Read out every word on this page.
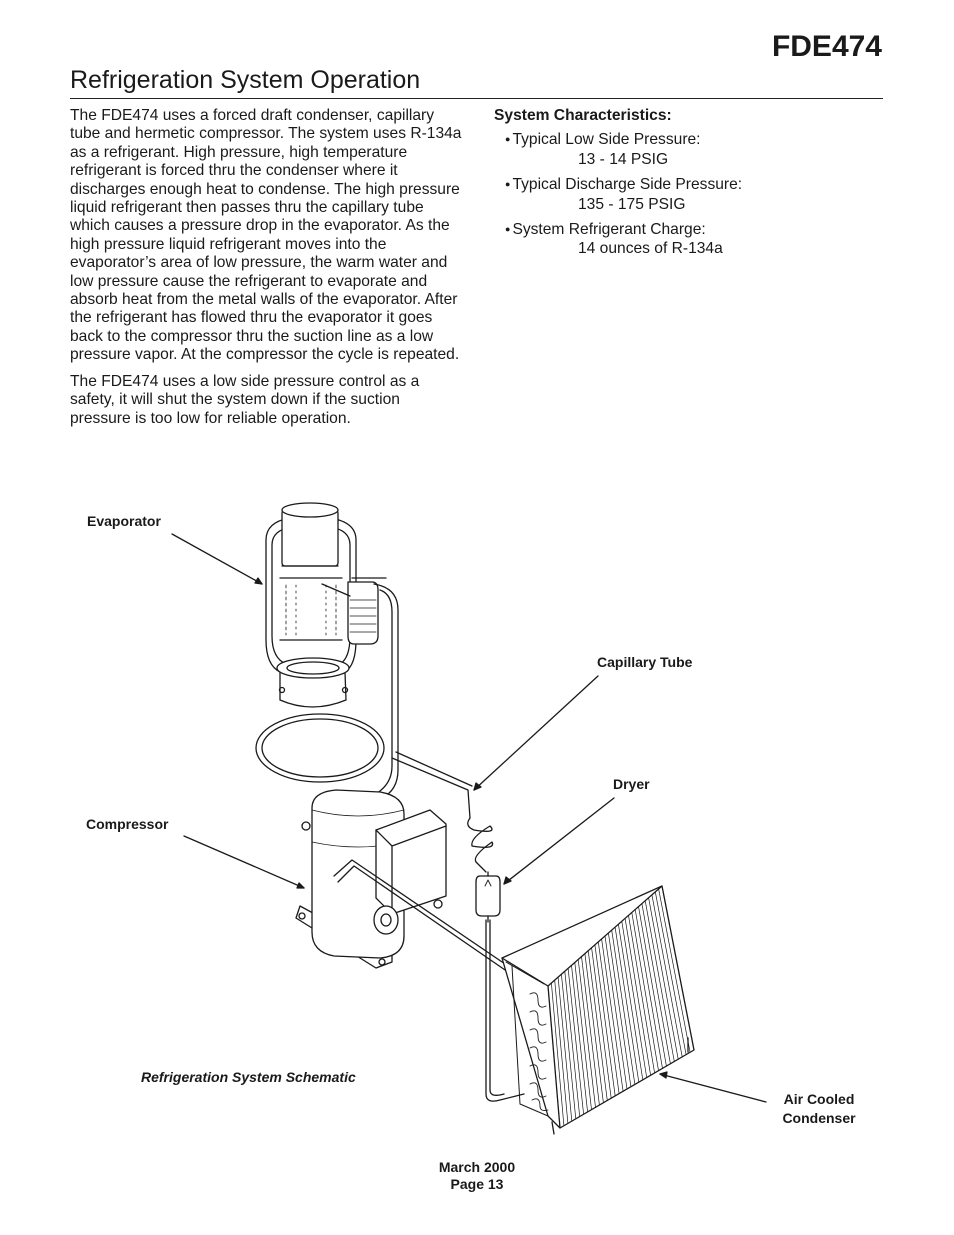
FDE474
Refrigeration System Operation

The FDE474 uses a forced draft condenser, capillary tube and hermetic compressor. The system uses R-134a as a refrigerant. High pressure, high temperature refrigerant is forced thru the condenser where it discharges enough heat to condense. The high pressure liquid refrigerant then passes thru the capillary tube which causes a pressure drop in the evaporator. As the high pressure liquid refrigerant moves into the evaporator’s area of low pressure, the warm water and low pressure cause the refrigerant to evaporate and absorb heat from the metal walls of the evaporator. After the refrigerant has flowed thru the evaporator it goes back to the compressor thru the suction line as a low pressure vapor. At the compressor the cycle is repeated.

The FDE474 uses a low side pressure control as a safety, it will shut the system down if the suction pressure is too low for reliable operation.

System Characteristics:
● Typical Low Side Pressure:
13 - 14 PSIG
● Typical Discharge Side Pressure:
135 - 175 PSIG
● System Refrigerant Charge:
14 ounces of R-134a
Evaporator
Capillary Tube
Dryer
Compressor
Air Cooled
Condenser
Refrigeration System Schematic
March 2000
Page 13
